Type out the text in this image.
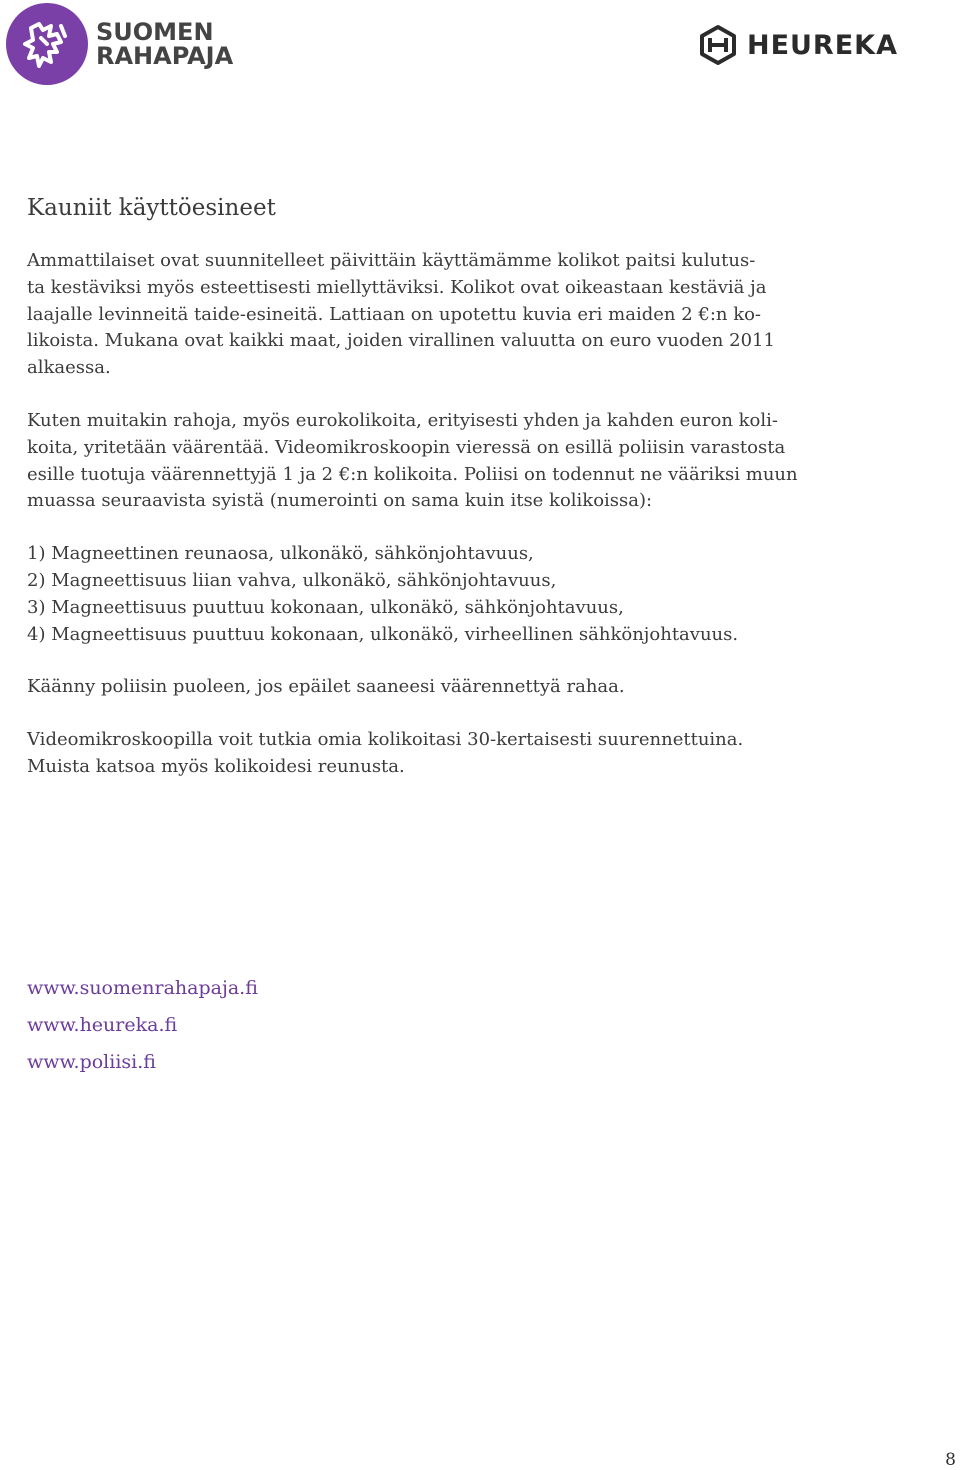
SUOMEN
RAHAPAJA	HEUREKA
Kauniit käyttöesineet

Ammattilaiset ovat suunnitelleet päivittäin käyttämämme kolikot paitsi kulutus-
ta kestäviksi myös esteettisesti miellyttäviksi. Kolikot ovat oikeastaan kestäviä ja
laajalle levinneitä taide-esineitä. Lattiaan on upotettu kuvia eri maiden 2 €:n ko-
likoista. Mukana ovat kaikki maat, joiden virallinen valuutta on euro vuoden 2011
alkaessa.

Kuten muitakin rahoja, myös eurokolikoita, erityisesti yhden ja kahden euron koli-
koita, yritetään väärentää. Videomikroskoopin vieressä on esillä poliisin varastosta
esille tuotuja väärennettyjä 1 ja 2 €:n kolikoita. Poliisi on todennut ne vääriksi muun
muassa seuraavista syistä (numerointi on sama kuin itse kolikoissa):

1) Magneettinen reunaosa, ulkonäkö, sähkönjohtavuus,
2) Magneettisuus liian vahva, ulkonäkö, sähkönjohtavuus,
3) Magneettisuus puuttuu kokonaan, ulkonäkö, sähkönjohtavuus,
4) Magneettisuus puuttuu kokonaan, ulkonäkö, virheellinen sähkönjohtavuus.

Käänny poliisin puoleen, jos epäilet saaneesi väärennettyä rahaa.

Videomikroskoopilla voit tutkia omia kolikoitasi 30-kertaisesti suurennettuina.
Muista katsoa myös kolikoidesi reunusta.

www.suomenrahapaja.fi
www.heureka.fi
www.poliisi.fi
8
